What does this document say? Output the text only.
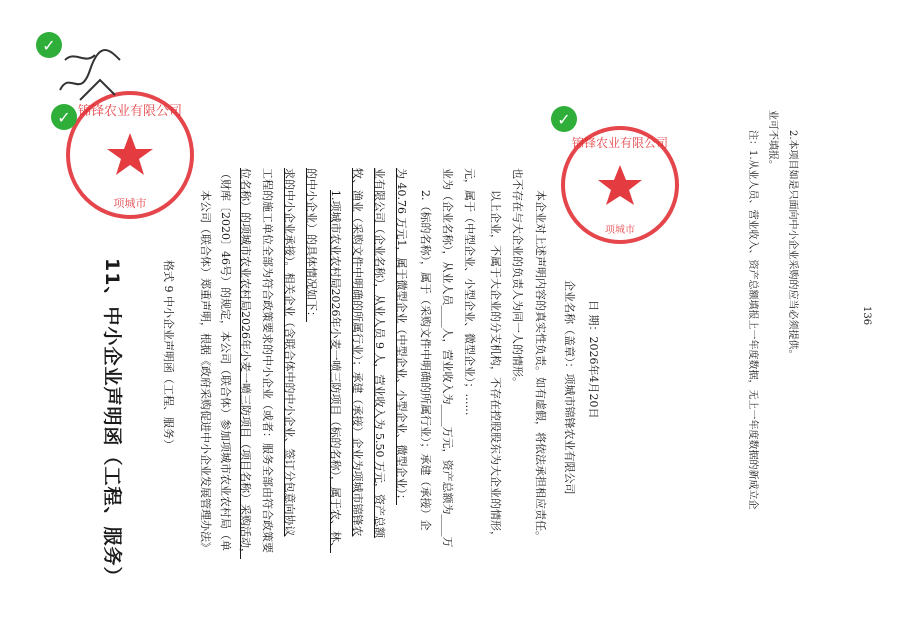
11、中小企业声明函（工程、服务）	格式 9 中小企业声明函（工程、服务） 本公司（联合体）郑重声明，根据《政府采购促进中小企业发展管理办法》 （财库〔2020〕46号）的规定，本公司（联合体）参加项城市农业农村局（单 位名称）的项城市农业农村局2026年小麦一喷三防项目（项目名称）采购活动， 工程的施工单位全部为符合政策要求的中小企业（或者：服务全部由符合政策要 求的中小企业承接）。相关企业（含联合体中的中小企业、签订分包意向协议 的中小企业）的具体情况如下： 1.项城市农业农村局2026年小麦一喷三防项目（标的名称），属于农、林、 牧、渔业（采购文件中明确的所属行业）；承建（承接）企业为项城市锦锋农 业有限公司（企业名称），从业人员 9 人，营业收入为 5.50 万元，资产总额 为 40.76 万元1，属于微型企业（中型企业、小型企业、微型企业）； 2.（标的名称），属于（采购文件中明确的所属行业）；承建（承接）企 业为（企业名称），从业人员____人，营业收入为____万元，资产总额为____万 元，属于（中型企业、小型企业、微型企业）；…… 以上企业，不属于大企业的分支机构，不存在控股股东为大企业的情形， 也不存在与大企业的负责人为同一人的情形。 本企业对上述声明内容的真实性负责。如有虚假，将依法承担相应责任。 企业名称（盖章）：项城市锦锋农业有限公司 日 期：2026年4月20日	136
注：1.从业人员、营业收入、资产总额填报上一年度数据，无上一年度数据的新成立企 业可不填报。 2.本项目如是只面向中小企业采购的应当必须提供。
锦锋农业有限公司
项城市
锦锋农业有限公司
项城市
✓
✓	✓
